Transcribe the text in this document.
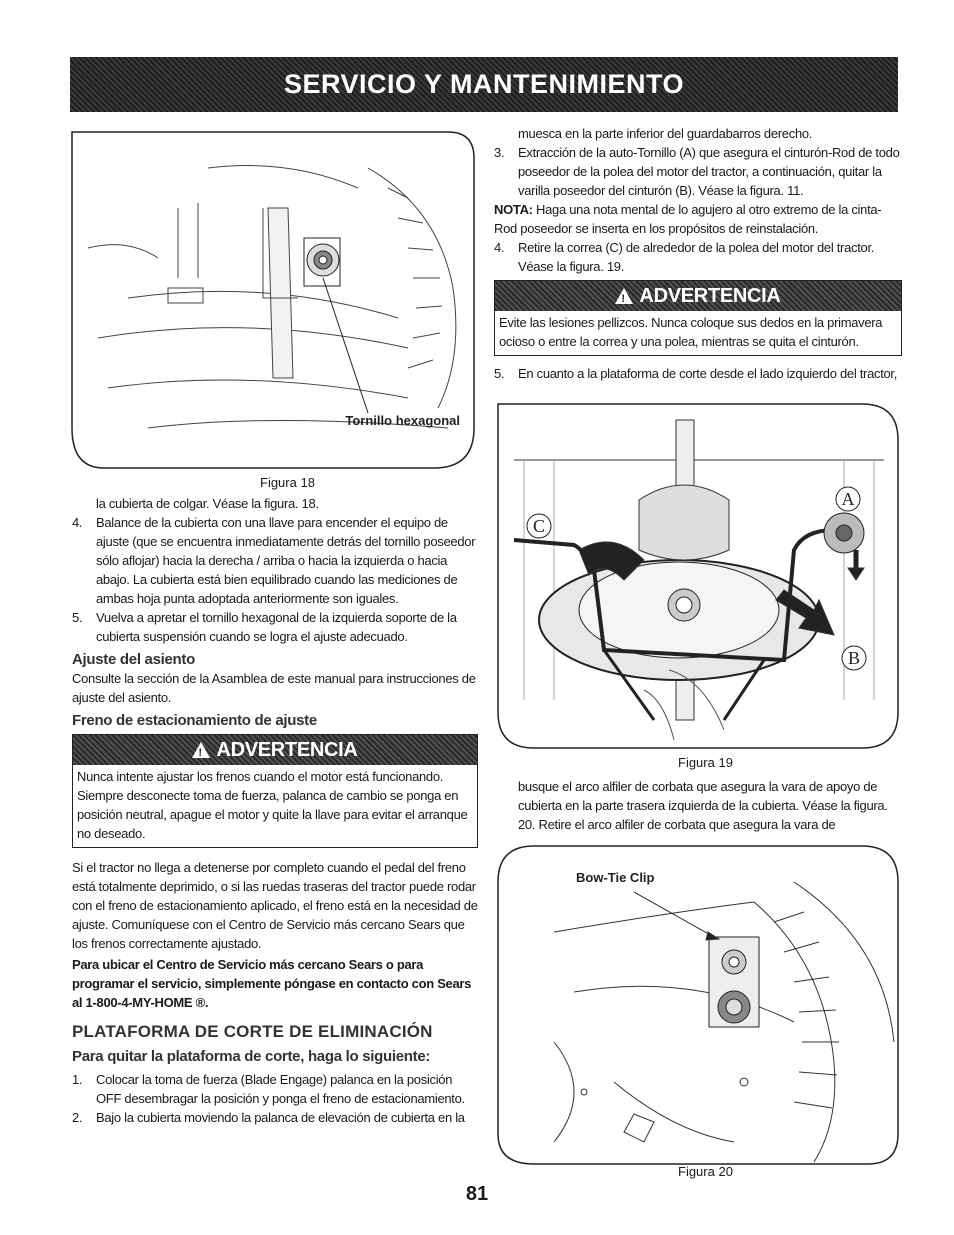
SERVICIO Y MANTENIMIENTO
Tornillo hexagonal
Figura 18

la cubierta de colgar. Véase la figura. 18.

4.	Balance de la cubierta con una llave para encender el equipo de ajuste (que se encuentra inmediatamente detrás del tornillo poseedor sólo aflojar) hacia la derecha / arriba o hacia la izquierda o hacia abajo. La cubierta está bien equilibrado cuando las mediciones de ambas hoja punta adoptada anteriormente son iguales.
5.	Vuelva a apretar el tornillo hexagonal de la izquierda soporte de la cubierta suspensión cuando se logra el ajuste adecuado.
Ajuste del asiento

Consulte la sección de la Asamblea de este manual para instrucciones de ajuste del asiento.

Freno de estacionamiento de ajuste
!
ADVERTENCIA
Nunca intente ajustar los frenos cuando el motor está funcionando. Siempre desconecte toma de fuerza, palanca de cambio se ponga en posición neutral, apague el motor y quite la llave para evitar el arranque no deseado.

Si el tractor no llega a detenerse por completo cuando el pedal del freno está totalmente deprimido, o si las ruedas traseras del tractor puede rodar con el freno de estacionamiento aplicado, el freno está en la necesidad de ajuste. Comuníquese con el Centro de Servicio más cercano Sears que los frenos correctamente ajustado.

Para ubicar el Centro de Servicio más cercano Sears o para programar el servicio, simplemente póngase en contacto con Sears al 1-800-4-MY-HOME ®.

PLATAFORMA DE CORTE DE ELIMINACIÓN
Para quitar la plataforma de corte, haga lo siguiente:
1.	Colocar la toma de fuerza (Blade Engage) palanca en la posición OFF desembragar la posición y ponga el freno de estacionamiento.
2.	Bajo la cubierta moviendo la palanca de elevación de cubierta en la

muesca en la parte inferior del guardabarros derecho.

3.	Extracción de la auto-Tornillo (A) que asegura el cinturón-Rod de todo poseedor de la polea del motor del tractor, a continuación, quitar la varilla poseedor del cinturón (B). Véase la figura. 11.

NOTA: Haga una nota mental de lo agujero al otro extremo de la cinta-Rod poseedor se inserta en los propósitos de reinstalación.

4.	Retire la correa (C) de alrededor de la polea del motor del tractor. Véase la figura. 19.
!
ADVERTENCIA
Evite las lesiones pellizcos. Nunca coloque sus dedos en la primavera ocioso o entre la correa y una polea, mientras se quita el cinturón.
5.	En cuanto a la plataforma de corte desde el lado izquierdo del tractor,
A
B
C
Figura 19

busque el arco alfiler de corbata que asegura la vara de apoyo de cubierta en la parte trasera izquierda de la cubierta. Véase la figura. 20. Retire el arco alfiler de corbata que asegura la vara de

Bow-Tie Clip
Figura 20
81
